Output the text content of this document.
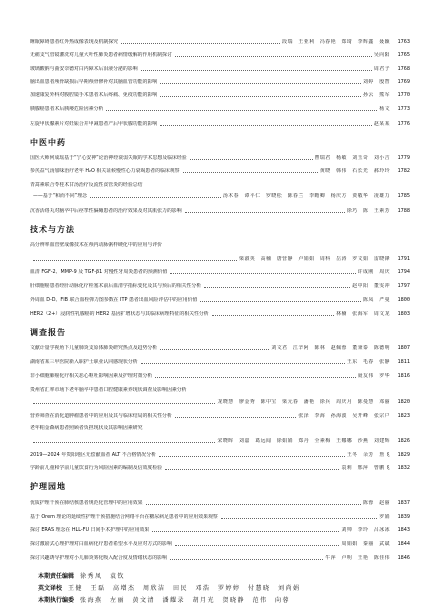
睡眠障碍患者红外热成像表现及机制探究	段瑞　王亚利　冯春艳　郑琦　李辉鑫　聂颖	1763
无痛支气管镜灌洗对儿童大叶性肺炎患者病情缓解的作用机制探讨	吴向阳	1765
玻璃酸钠与曲安奈德对白内障术后泪液分泌的影响	周君子	1768
脑出血患者颅骨缺损后早期颅骨修补对其脑血管功能的影响	刘婷　殷智	1769
加速康复外科对腹腔镜手术患者术后疼痛、免疫功能的影响	孙云　熊军	1770
胰腺癌患者术后胰瘘危险因素分析	杨文	1773
左旋甲状腺素片对妊娠合并甲减患者产后甲状腺功能的影响	赵某某	1776
中医中药
国医大师何成瑶基于“宁心安神”论治神经衰弱失眠的学术思想及临床经验	曹瑞君　杨敏　刘玉奇　刘小吉	1779
参芪益气汤加味治疗老年 H₂O 相关证候慢性心力衰竭患者的临床观察	黄晓　韩伟　石长光　郝玲玲	1782
青蒿素联合苓桂术甘汤治疗反流性食管炎的经验总结
——基于“和而不同”理念	汤木春　谭平仁　罗晓松　陈春兰　李瞻卿　杨庆方　贾敬华　凌雄力	1785
沉香活络丸对脑卒中后痉挛性偏瘫患者的治疗效果及对其肌张力的影响	徐巧　陈　王素芳	1788
技术与方法
高分辨率血管壁成像技术在颅内动脉粥样硬化中的应用与评价
梁淑英　高楠　唐营静　卢娟娟　周科　岳涛　罗文娟　雷晓锋	1791
血清 FGF-2、MMP-9 及 TGF-β1 对慢性牙周炎患者的预测价值	许成刚　周庆	1794
肝细胞癌患者经肝动脉化疗栓塞术前后血清学指标变化及其与预后的相关性分析	赵中阳　董雯冲	1797
外周血 D-D、FIB 联合血栓弹力图参数在 ITP 患者出血风险评估中的应用价值	陈凤　严曼	1800
HER2（2+）浸润性乳腺癌的 HER2 基因扩增状态与其临床病理特征的相关性分析	林楠　张海军　周文龙	1803
调查报告
文献计量学视角下儿童肺炎支原体肺炎研究热点及趋势分析	刘文君　江辛阿　陈林　赵佩蓉　董秉泰　陈德明	1807
湖南省某三甲医院新入职护士职业认同感现状分析	王东　毛春　张静	1811
非小细胞肺癌化疗相关恶心呕吐影响因素及护理对策分析	聂友伟　罗华	1816
贵州省汇率市场下老年脑卒中患者口腔健康素养现状调查及影响因素分析
龙晓慧　廖金秀　陈中宝　梁元春　潘艳　徐兵　周庆月　陈曼慧　邓丽	1820
营养筛查在消化道肿瘤患者中的应用及其与临床结局的相关性分析	张泽　李海　孙海波　吴开峰　张宗户	1823
老年帕金森病患者照顾者负担现状及其影响因素研究
宋晓晖　刘嘉　葛远闻　徐娟娟　郑丹　全素梅　王娜娜　沙燕　刘建辉	1826
2019—2024 年贵阳地区无偿献血者 ALT 不合格情况分析	王冬　余芳　詹飞	1829
学龄前儿童和学前儿童饮食行为风险因素的编制及信效度检验	袁莉　邢萍　曾鹏飞	1832
护理园地
优质护理干预在肺结核患者规范化管理中的应用效果	陈蓉　赵丽	1837
基于 Orem 理论的延续性护理干预措施结合网络平台在糖尿病足患者中的应用效果观察	罗娟	1839
探讨 ERAS 理念在 HLL-FU 日间手术护理中的应用效果	刘帅　李玲　吕冰冰	1843
探讨激励式心理护理对白血病化疗患者希望水平及应对方式的影响	周娟娟　秦丽　武斌	1844
探讨兴趣诱导护理对小儿肺炎雾化吸入配合度及情绪状态的影响	牛萍　卢明　王艳　陈佳伟	1846
本期责任编辑 徐秀凤　袁钦
英文译校 王健　王磊　高增杰　周欣洁　田民　邓浩　罗婷婷　付慧晓　刘尚娟
本期执行编委 张海燕　左丽　黄文清　潘耀录　胡月光　贺晓静　范伟　向蓉
